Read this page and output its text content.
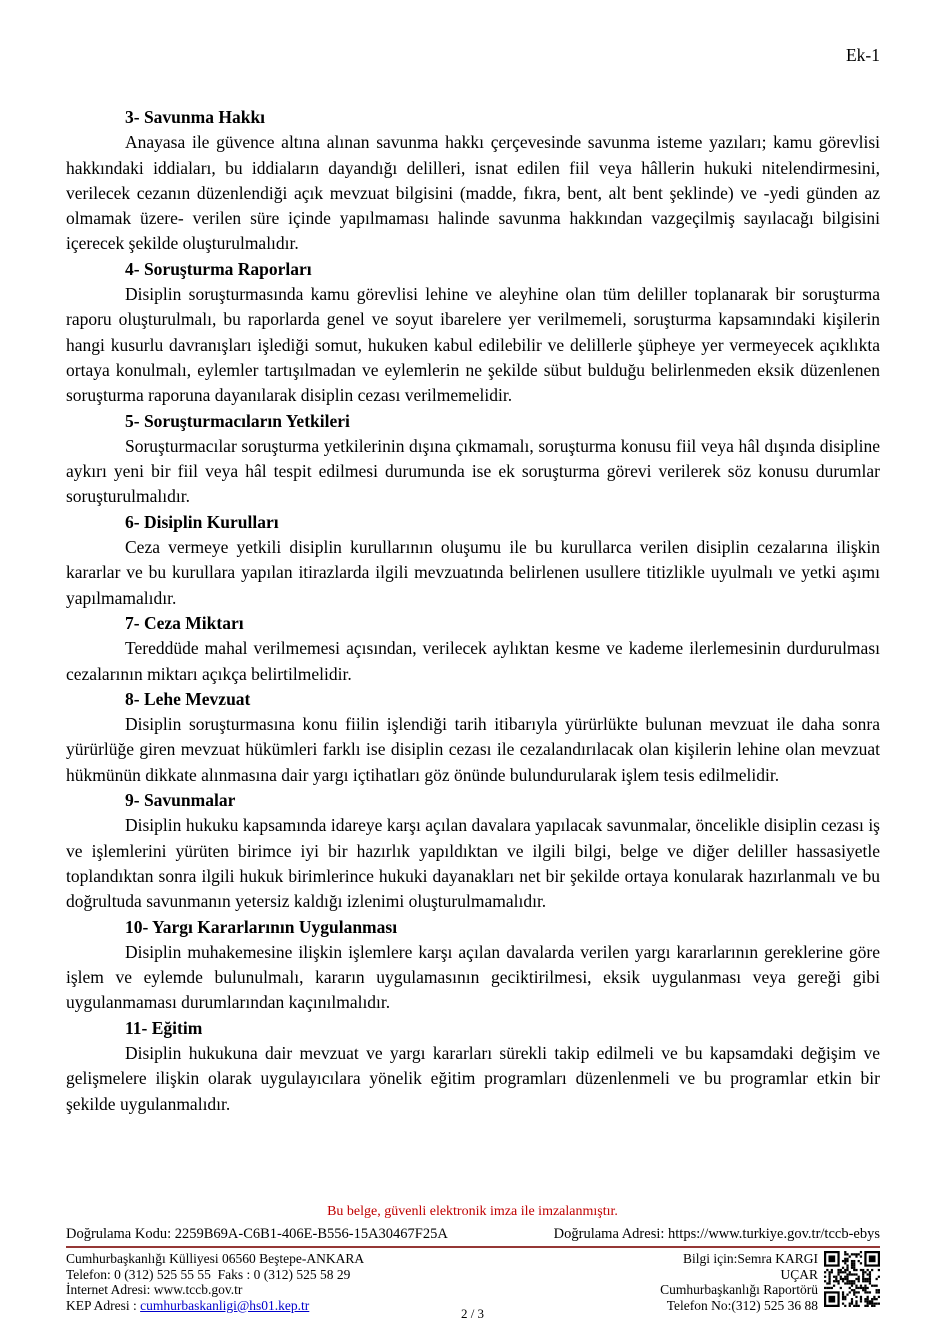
Ek-1
3- Savunma Hakkı

Anayasa ile güvence altına alınan savunma hakkı çerçevesinde savunma isteme yazıları; kamu görevlisi hakkındaki iddiaları, bu iddiaların dayandığı delilleri, isnat edilen fiil veya hâllerin hukuki nitelendirmesini, verilecek cezanın düzenlendiği açık mevzuat bilgisini (madde, fıkra, bent, alt bent şeklinde) ve -yedi günden az olmamak üzere- verilen süre içinde yapılmaması halinde savunma hakkından vazgeçilmiş sayılacağı bilgisini içerecek şekilde oluşturulmalıdır.

4- Soruşturma Raporları

Disiplin soruşturmasında kamu görevlisi lehine ve aleyhine olan tüm deliller toplanarak bir soruşturma raporu oluşturulmalı, bu raporlarda genel ve soyut ibarelere yer verilmemeli, soruşturma kapsamındaki kişilerin hangi kusurlu davranışları işlediği somut, hukuken kabul edilebilir ve delillerle şüpheye yer vermeyecek açıklıkta ortaya konulmalı, eylemler tartışılmadan ve eylemlerin ne şekilde sübut bulduğu belirlenmeden eksik düzenlenen soruşturma raporuna dayanılarak disiplin cezası verilmemelidir.

5- Soruşturmacıların Yetkileri

Soruşturmacılar soruşturma yetkilerinin dışına çıkmamalı, soruşturma konusu fiil veya hâl dışında disipline aykırı yeni bir fiil veya hâl tespit edilmesi durumunda ise ek soruşturma görevi verilerek söz konusu durumlar soruşturulmalıdır.

6- Disiplin Kurulları

Ceza vermeye yetkili disiplin kurullarının oluşumu ile bu kurullarca verilen disiplin cezalarına ilişkin kararlar ve bu kurullara yapılan itirazlarda ilgili mevzuatında belirlenen usullere titizlikle uyulmalı ve yetki aşımı yapılmamalıdır.

7- Ceza Miktarı

Tereddüde mahal verilmemesi açısından, verilecek aylıktan kesme ve kademe ilerlemesinin durdurulması cezalarının miktarı açıkça belirtilmelidir.

8- Lehe Mevzuat

Disiplin soruşturmasına konu fiilin işlendiği tarih itibarıyla yürürlükte bulunan mevzuat ile daha sonra yürürlüğe giren mevzuat hükümleri farklı ise disiplin cezası ile cezalandırılacak olan kişilerin lehine olan mevzuat hükmünün dikkate alınmasına dair yargı içtihatları göz önünde bulundurularak işlem tesis edilmelidir.

9- Savunmalar

Disiplin hukuku kapsamında idareye karşı açılan davalara yapılacak savunmalar, öncelikle disiplin cezası iş ve işlemlerini yürüten birimce iyi bir hazırlık yapıldıktan ve ilgili bilgi, belge ve diğer deliller hassasiyetle toplandıktan sonra ilgili hukuk birimlerince hukuki dayanakları net bir şekilde ortaya konularak hazırlanmalı ve bu doğrultuda savunmanın yetersiz kaldığı izlenimi oluşturulmamalıdır.

10- Yargı Kararlarının Uygulanması

Disiplin muhakemesine ilişkin işlemlere karşı açılan davalarda verilen yargı kararlarının gereklerine göre işlem ve eylemde bulunulmalı, kararın uygulamasının geciktirilmesi, eksik uygulanması veya gereği gibi uygulanmaması durumlarından kaçınılmalıdır.

11- Eğitim

Disiplin hukukuna dair mevzuat ve yargı kararları sürekli takip edilmeli ve bu kapsamdaki değişim ve gelişmelere ilişkin olarak uygulayıcılara yönelik eğitim programları düzenlenmeli ve bu programlar etkin bir şekilde uygulanmalıdır.

Bu belge, güvenli elektronik imza ile imzalanmıştır.
Doğrulama Kodu: 2259B69A-C6B1-406E-B556-15A30467F25A	Doğrulama Adresi: https://www.turkiye.gov.tr/tccb-ebys
Cumhurbaşkanlığı Külliyesi 06560 Beştepe-ANKARA
Telefon: 0 (312) 525 55 55  Faks : 0 (312) 525 58 29
İnternet Adresi: www.tccb.gov.tr
KEP Adresi : cumhurbaskanligi@hs01.kep.tr
Bilgi için:Semra KARGI
UÇAR
Cumhurbaşkanlığı Raportörü
Telefon No:(312) 525 36 88
2 / 3
